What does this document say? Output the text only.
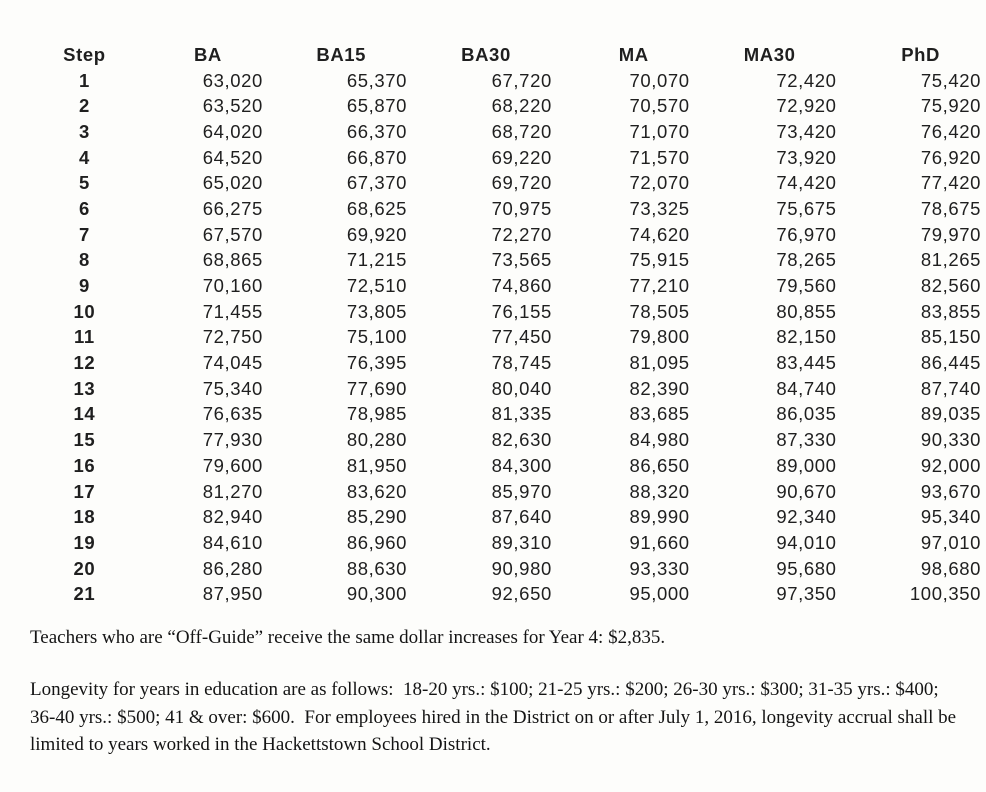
Step	BA	BA15	BA30	MA	MA30	PhD
1	63,020	65,370	67,720	70,070	72,420	75,420
2	63,520	65,870	68,220	70,570	72,920	75,920
3	64,020	66,370	68,720	71,070	73,420	76,420
4	64,520	66,870	69,220	71,570	73,920	76,920
5	65,020	67,370	69,720	72,070	74,420	77,420
6	66,275	68,625	70,975	73,325	75,675	78,675
7	67,570	69,920	72,270	74,620	76,970	79,970
8	68,865	71,215	73,565	75,915	78,265	81,265
9	70,160	72,510	74,860	77,210	79,560	82,560
10	71,455	73,805	76,155	78,505	80,855	83,855
11	72,750	75,100	77,450	79,800	82,150	85,150
12	74,045	76,395	78,745	81,095	83,445	86,445
13	75,340	77,690	80,040	82,390	84,740	87,740
14	76,635	78,985	81,335	83,685	86,035	89,035
15	77,930	80,280	82,630	84,980	87,330	90,330
16	79,600	81,950	84,300	86,650	89,000	92,000
17	81,270	83,620	85,970	88,320	90,670	93,670
18	82,940	85,290	87,640	89,990	92,340	95,340
19	84,610	86,960	89,310	91,660	94,010	97,010
20	86,280	88,630	90,980	93,330	95,680	98,680
21	87,950	90,300	92,650	95,000	97,350	100,350

Teachers who are “Off-Guide” receive the same dollar increases for Year 4: $2,835.

Longevity for years in education are as follows:  18-20 yrs.: $100; 21-25 yrs.: $200; 26-30 yrs.: $300; 31-35 yrs.: $400; 36-40 yrs.: $500; 41 & over: $600.  For employees hired in the District on or after July 1, 2016, longevity accrual shall be limited to years worked in the Hackettstown School District.
